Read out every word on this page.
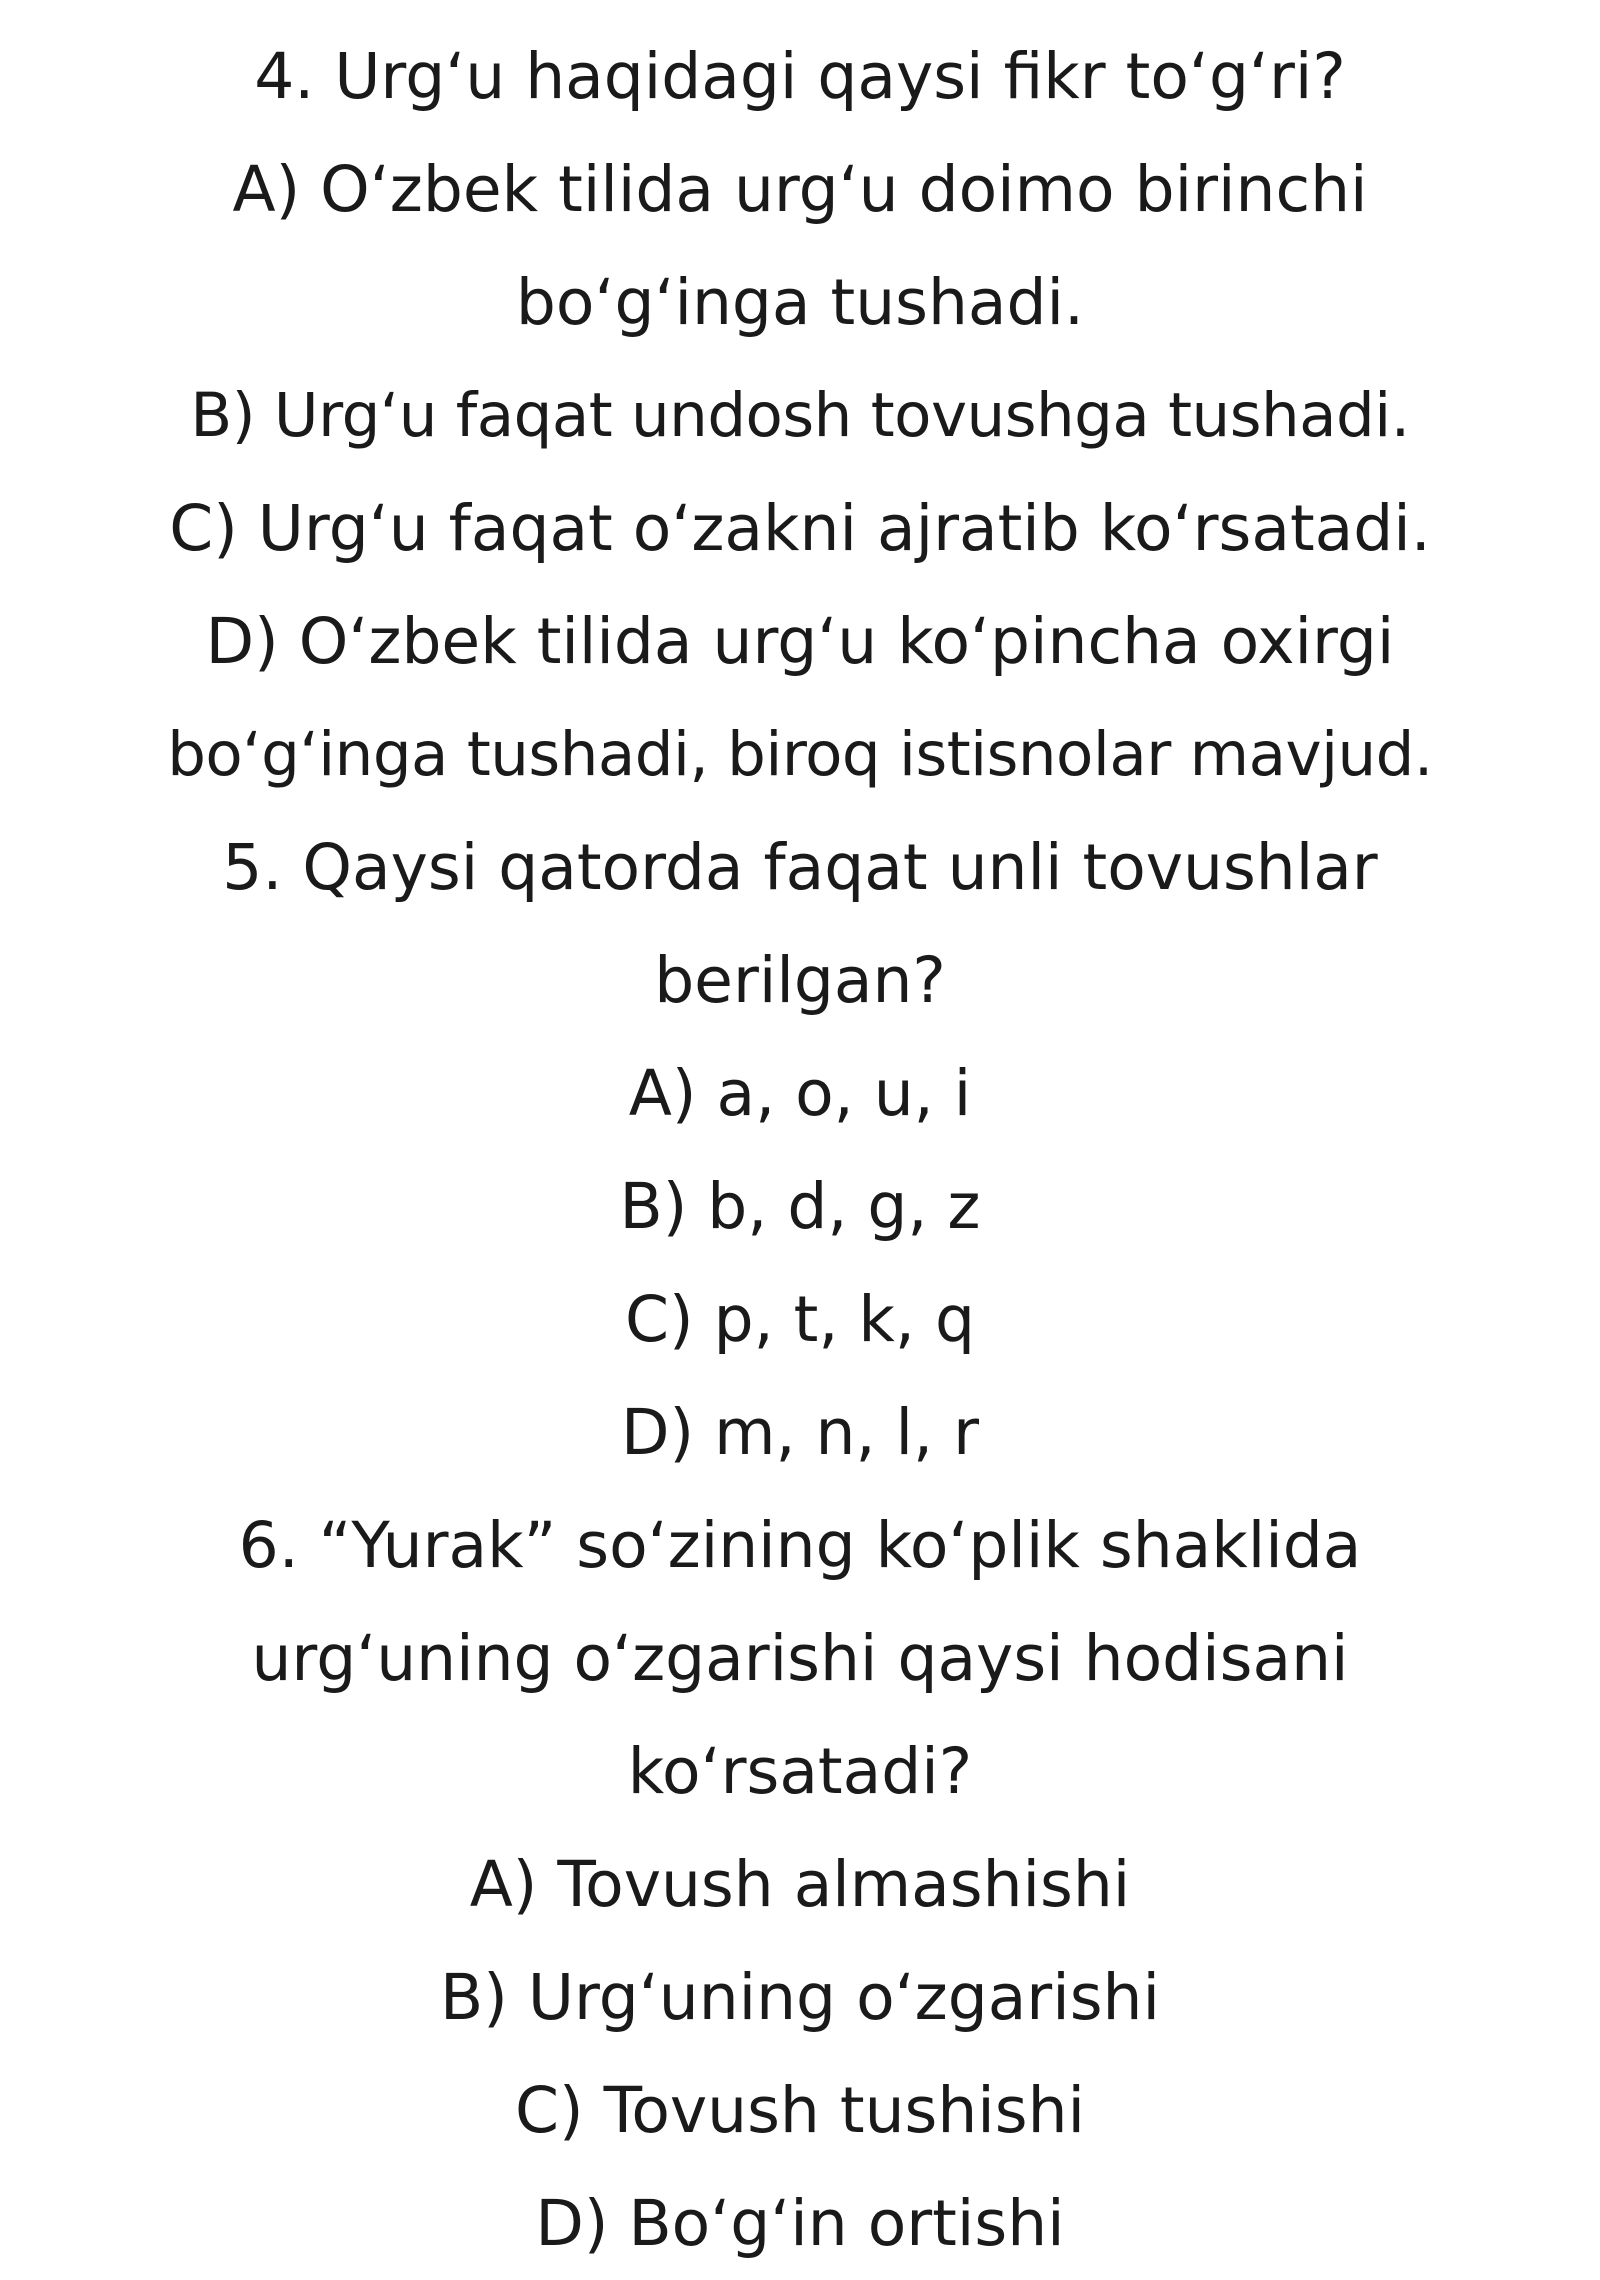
4. Urg‘u haqidagi qaysi fikr to‘g‘ri?
A) O‘zbek tilida urg‘u doimo birinchi
bo‘g‘inga tushadi.
B) Urg‘u faqat undosh tovushga tushadi.
C) Urg‘u faqat o‘zakni ajratib ko‘rsatadi.
D) O‘zbek tilida urg‘u ko‘pincha oxirgi
bo‘g‘inga tushadi, biroq istisnolar mavjud.
5. Qaysi qatorda faqat unli tovushlar
berilgan?
A) a, o, u, i
B) b, d, g, z
C) p, t, k, q
D) m, n, l, r
6. “Yurak” so‘zining ko‘plik shaklida
urg‘uning o‘zgarishi qaysi hodisani
ko‘rsatadi?
A) Tovush almashishi
B) Urg‘uning o‘zgarishi
C) Tovush tushishi
D) Bo‘g‘in ortishi
